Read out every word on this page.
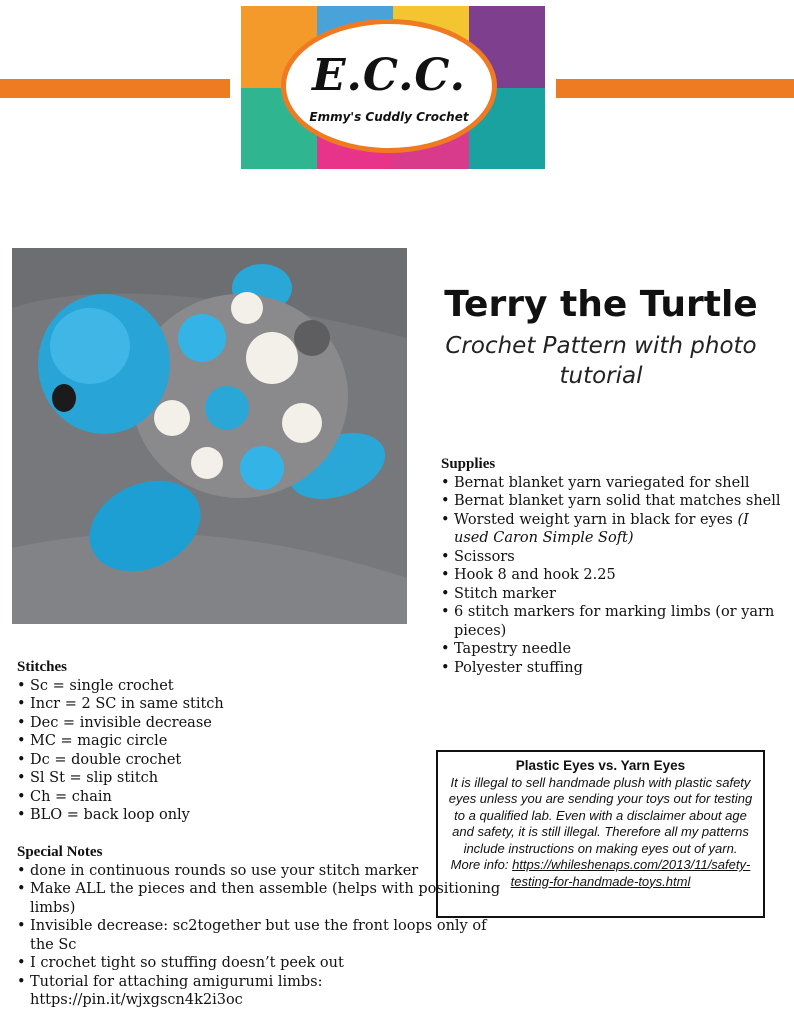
E.C.C.
Emmy's Cuddly Crochet
Terry the Turtle
Crochet Pattern with photo tutorial
Supplies
• Bernat blanket yarn variegated for shell
• Bernat blanket yarn solid that matches shell
• Worsted weight yarn in black for eyes (I used Caron Simple Soft)
• Scissors
• Hook 8 and hook 2.25
• Stitch marker
• 6 stitch markers for marking limbs (or yarn pieces)
• Tapestry needle
• Polyester stuffing
Stitches
• Sc = single crochet
• Incr = 2 SC in same stitch
• Dec = invisible decrease
• MC = magic circle
• Dc = double crochet
• Sl St = slip stitch
• Ch = chain
• BLO = back loop only
Special Notes
• done in continuous rounds so use your stitch marker
• Make ALL the pieces and then assemble (helps with positioning limbs)
• Invisible decrease: sc2together but use the front loops only of the Sc
• I crochet tight so stuffing doesn’t peek out
• Tutorial for attaching amigurumi limbs: https://pin.it/wjxgscn4k2i3oc
Plastic Eyes vs. Yarn Eyes
It is illegal to sell handmade plush with plastic safety eyes unless you are sending your toys out for testing to a qualified lab. Even with a disclaimer about age and safety, it is still illegal. Therefore all my patterns include instructions on making eyes out of yarn.
More info: https://whileshenaps.com/2013/11/safety-testing-for-handmade-toys.html
